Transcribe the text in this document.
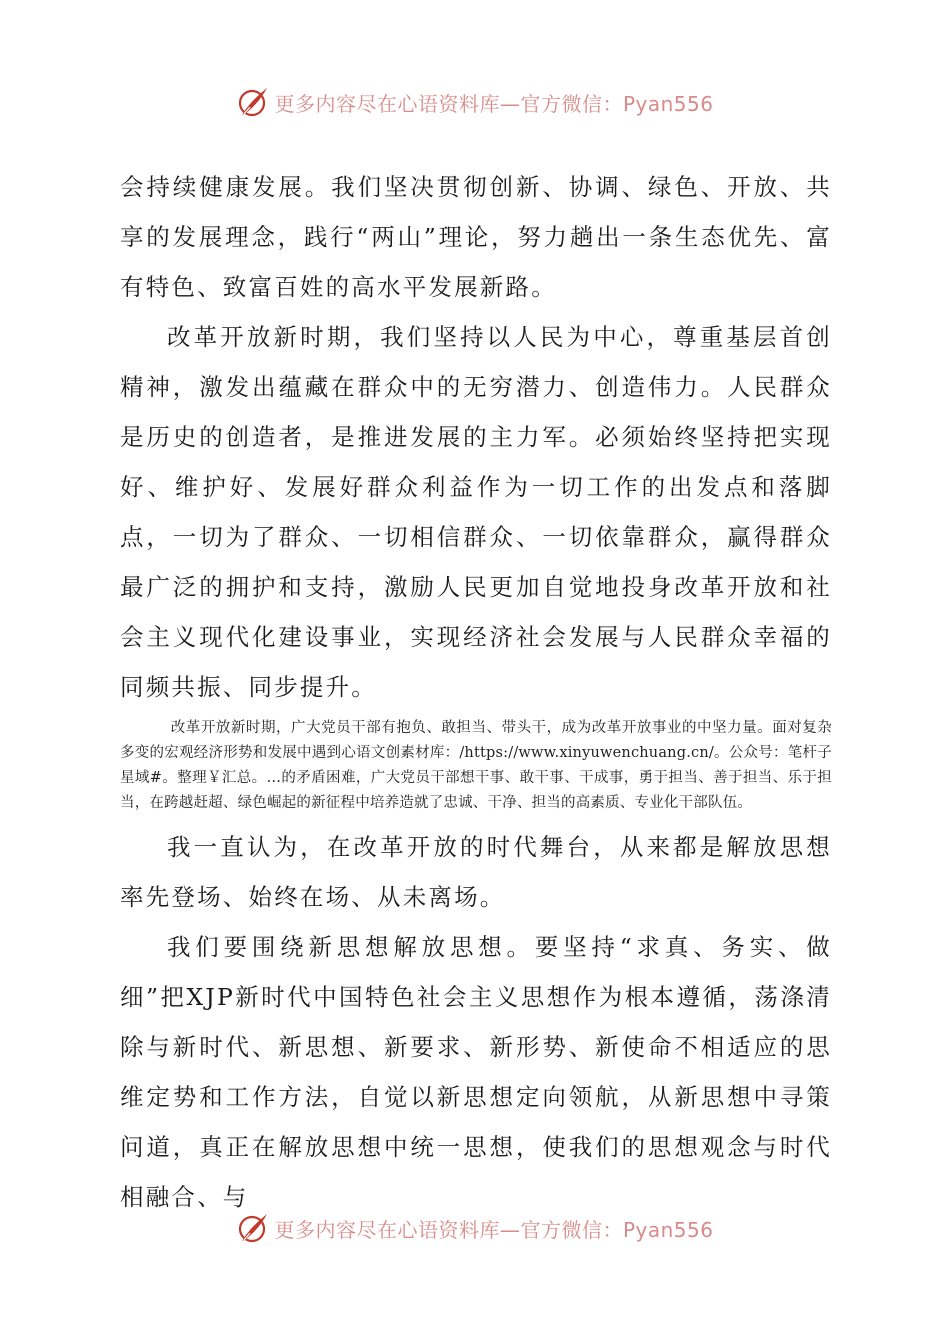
更多内容尽在心语资料库—官方微信：Pyan556

会持续健康发展。我们坚决贯彻创新、协调、绿色、开放、共享的发展理念，践行“两山”理论，努力趟出一条生态优先、富有特色、致富百姓的高水平发展新路。

改革开放新时期，我们坚持以人民为中心，尊重基层首创精神，激发出蕴藏在群众中的无穷潜力、创造伟力。人民群众是历史的创造者，是推进发展的主力军。必须始终坚持把实现好、维护好、发展好群众利益作为一切工作的出发点和落脚点，一切为了群众、一切相信群众、一切依靠群众，赢得群众最广泛的拥护和支持，激励人民更加自觉地投身改革开放和社会主义现代化建设事业，实现经济社会发展与人民群众幸福的同频共振、同步提升。

改革开放新时期，广大党员干部有抱负、敢担当、带头干，成为改革开放事业的中坚力量。面对复杂多变的宏观经济形势和发展中遇到心语文创素材库：/https://www.xinyuwenchuang.cn/。公众号：笔杆子星域#。整理￥汇总。…的矛盾困难，广大党员干部想干事、敢干事、干成事，勇于担当、善于担当、乐于担当，在跨越赶超、绿色崛起的新征程中培养造就了忠诚、干净、担当的高素质、专业化干部队伍。

我一直认为，在改革开放的时代舞台，从来都是解放思想率先登场、始终在场、从未离场。

我们要围绕新思想解放思想。要坚持“求真、务实、做细”把XJP新时代中国特色社会主义思想作为根本遵循，荡涤清除与新时代、新思想、新要求、新形势、新使命不相适应的思维定势和工作方法，自觉以新思想定向领航，从新思想中寻策问道，真正在解放思想中统一思想，使我们的思想观念与时代相融合、与

更多内容尽在心语资料库—官方微信：Pyan556
